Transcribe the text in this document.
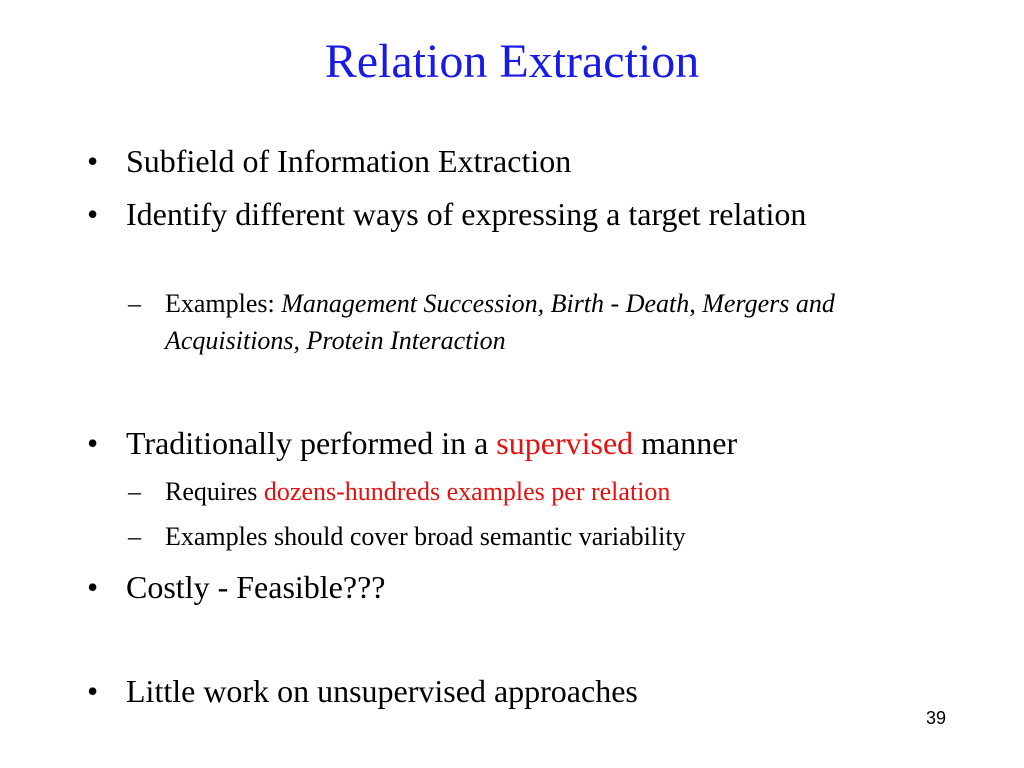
Relation Extraction
• Subfield of Information Extraction
• Identify different ways of expressing a target relation
– Examples: Management Succession, Birth - Death, Mergers and Acquisitions, Protein Interaction
• Traditionally performed in a supervised manner
– Requires dozens-hundreds examples per relation
– Examples should cover broad semantic variability
• Costly - Feasible???
• Little work on unsupervised approaches
39
